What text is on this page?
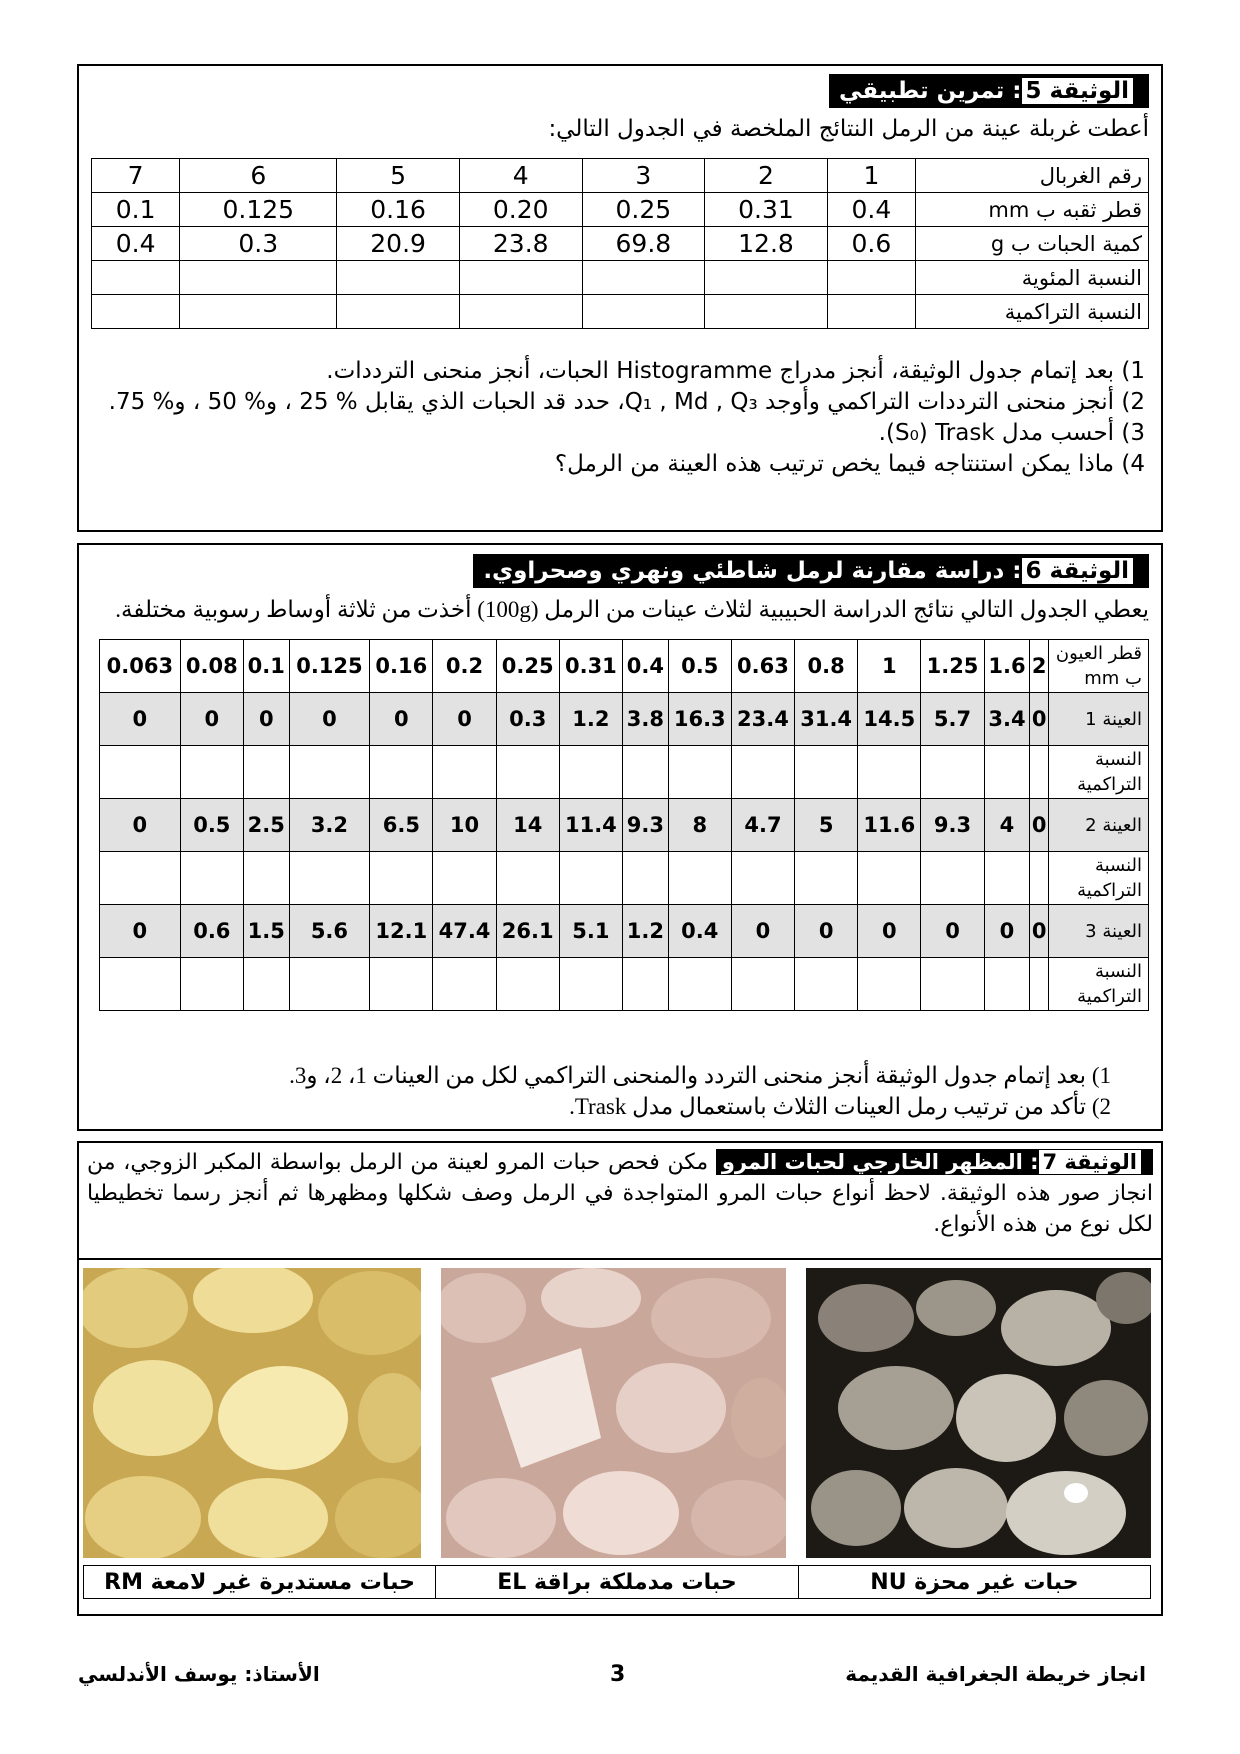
الوثيقة 5: تمرين تطبيقي
أعطت غربلة عينة من الرمل النتائج الملخصة في الجدول التالي:
رقم الغربال	1	2	3	4	5	6	7
قطر ثقبه ب mm	0.4	0.31	0.25	0.20	0.16	0.125	0.1
كمية الحبات ب g	0.6	12.8	69.8	23.8	20.9	0.3	0.4
النسبة المئوية							
النسبة التراكمية							
1) بعد إتمام جدول الوثيقة، أنجز مدراج Histogramme الحبات، أنجز منحنى الترددات.
2) أنجز منحنى الترددات التراكمي وأوجد Q₁ , Md , Q₃، حدد قد الحبات الذي يقابل % 25 ، و% 50 ، و% 75.
3) أحسب مدل Trask ‏(S₀).
4) ماذا يمكن استنتاجه فيما يخص ترتيب هذه العينة من الرمل؟
الوثيقة 6: دراسة مقارنة لرمل شاطئي ونهري وصحراوي.
يعطي الجدول التالي نتائج الدراسة الحبيبية لثلاث عينات من الرمل (100g) أخذت من ثلاثة أوساط رسوبية مختلفة.
قطر العيون ب mm	2	1.6	1.25	1	0.8	0.63	0.5	0.4	0.31	0.25	0.2	0.16	0.125	0.1	0.08	0.063
العينة 1	0	3.4	5.7	14.5	31.4	23.4	16.3	3.8	1.2	0.3	0	0	0	0	0	0
النسبة التراكمية																
العينة 2	0	4	9.3	11.6	5	4.7	8	9.3	11.4	14	10	6.5	3.2	2.5	0.5	0
النسبة التراكمية																
العينة 3	0	0	0	0	0	0	0.4	1.2	5.1	26.1	47.4	12.1	5.6	1.5	0.6	0
النسبة التراكمية																
1) بعد إتمام جدول الوثيقة أنجز منحنى التردد والمنحنى التراكمي لكل من العينات 1، 2، و3.
2) تأكد من ترتيب رمل العينات الثلاث باستعمال مدل Trask.
الوثيقة 7: المظهر الخارجي لحبات المرو مكن فحص حبات المرو لعينة من الرمل بواسطة المكبر الزوجي، من انجاز صور هذه الوثيقة. لاحظ أنواع حبات المرو المتواجدة في الرمل وصف شكلها ومظهرها ثم أنجز رسما تخطيطيا لكل نوع من هذه الأنواع.
حبات غير محزة NU	حبات مدملكة براقة EL	حبات مستديرة غير لامعة RM
انجاز خريطة الجغرافية القديمة
3
الأستاذ: يوسف الأندلسي
